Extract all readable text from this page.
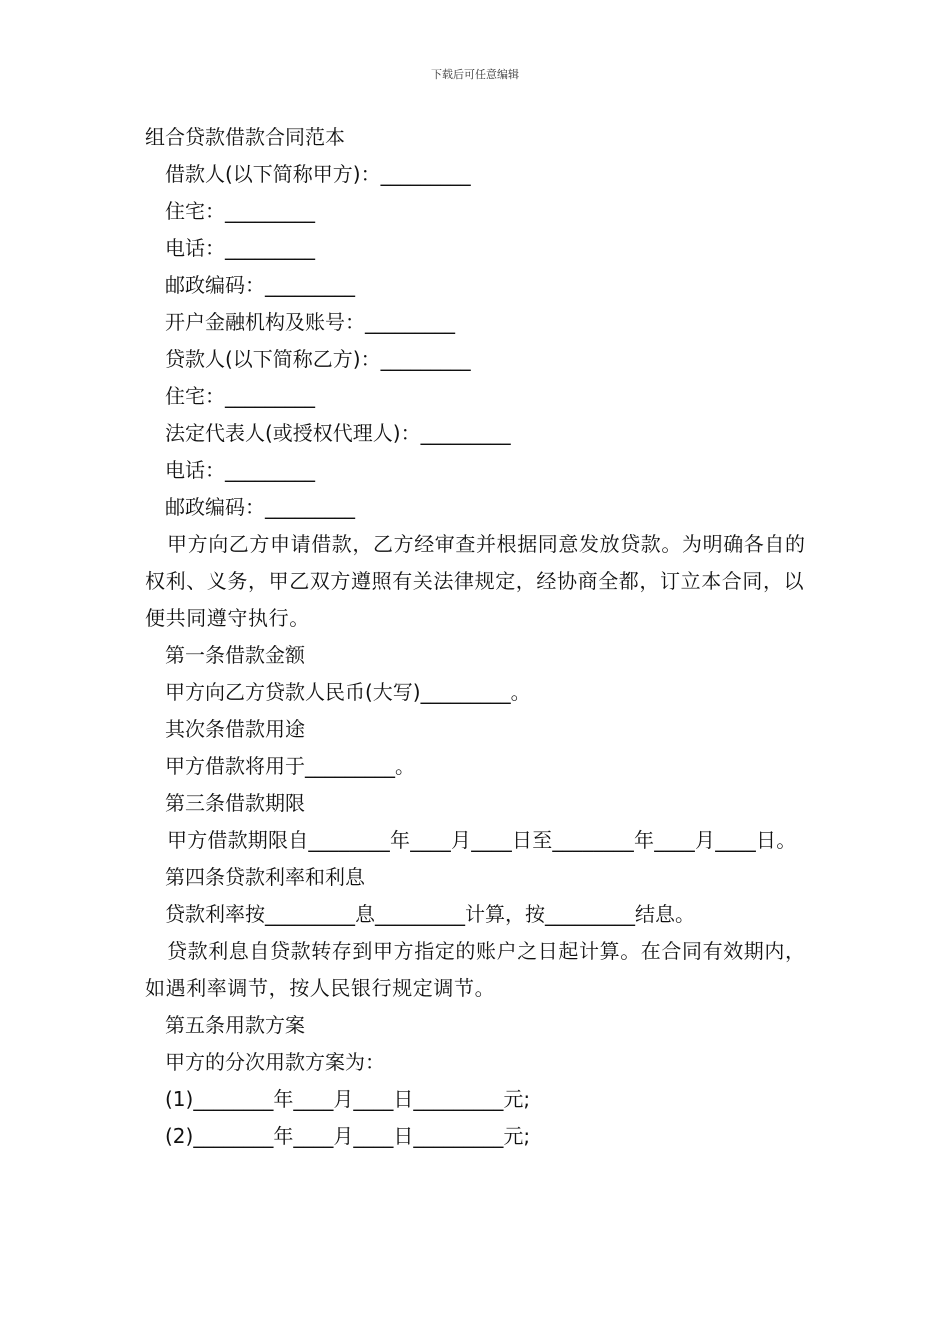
下载后可任意编辑
组合贷款借款合同范本
借款人(以下简称甲方)：_________
住宅：_________
电话：_________
邮政编码：_________
开户金融机构及账号：_________
贷款人(以下简称乙方)：_________
住宅：_________
法定代表人(或授权代理人)：_________
电话：_________
邮政编码：_________
甲方向乙方申请借款，乙方经审查并根据同意发放贷款。为明确各自的权利、义务，甲乙双方遵照有关法律规定，经协商全都，订立本合同，以便共同遵守执行。
第一条借款金额
甲方向乙方贷款人民币(大写)_________。
其次条借款用途
甲方借款将用于_________。
第三条借款期限
甲方借款期限自________年____月____日至________年____月____日。
第四条贷款利率和利息
贷款利率按_________息_________计算，按_________结息。
贷款利息自贷款转存到甲方指定的账户之日起计算。在合同有效期内，如遇利率调节，按人民银行规定调节。
第五条用款方案
甲方的分次用款方案为：
(1)________年____月____日_________元;
(2)________年____月____日_________元;
